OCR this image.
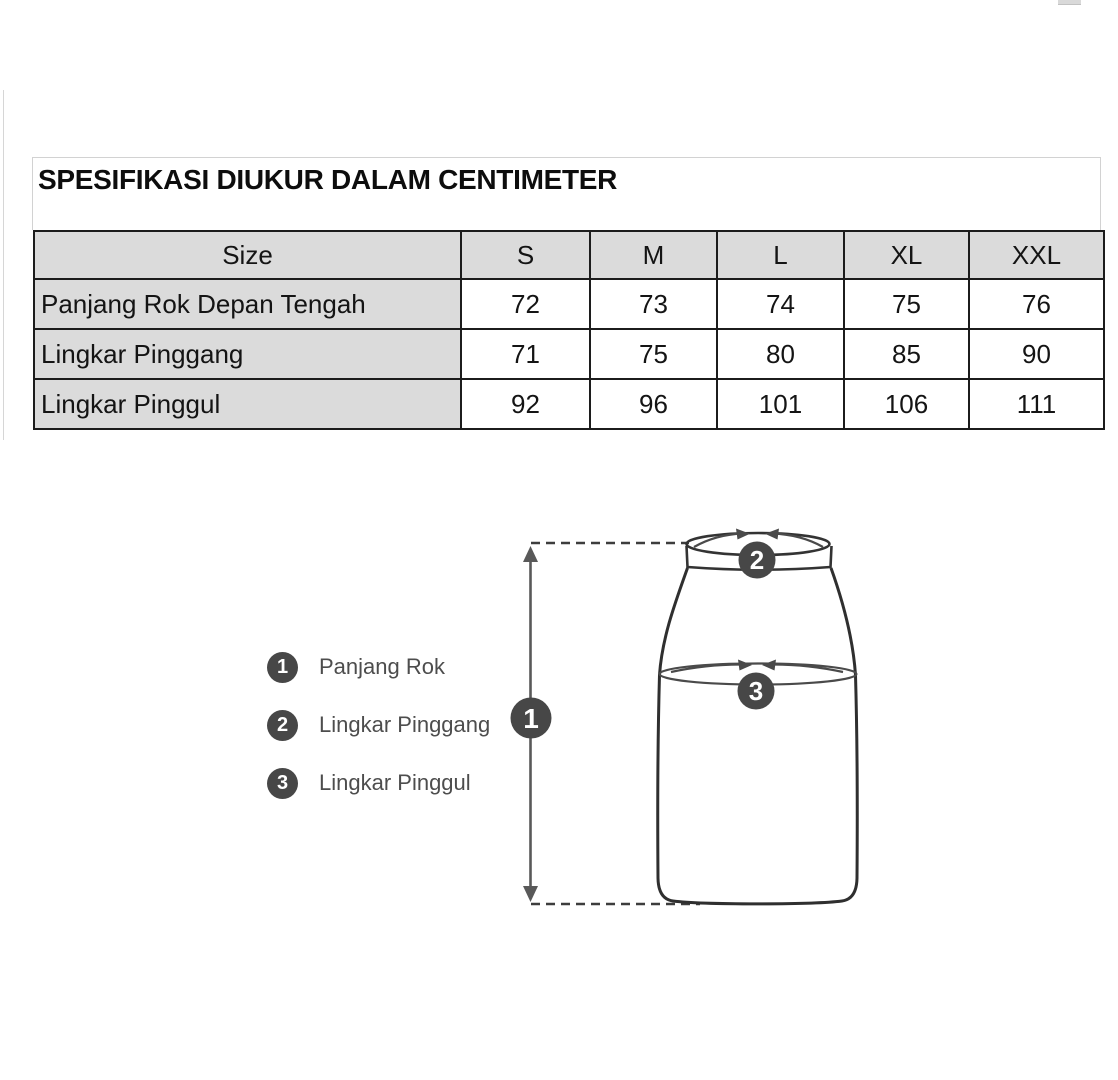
SPESIFIKASI DIUKUR DALAM CENTIMETER
Size	S	M	L	XL	XXL
Panjang Rok Depan Tengah	72	73	74	75	76
Lingkar Pinggang	71	75	80	85	90
Lingkar Pinggul	92	96	101	106	111
1	Panjang Rok
2	Lingkar Pinggang
3	Lingkar Pinggul
1
2
3
